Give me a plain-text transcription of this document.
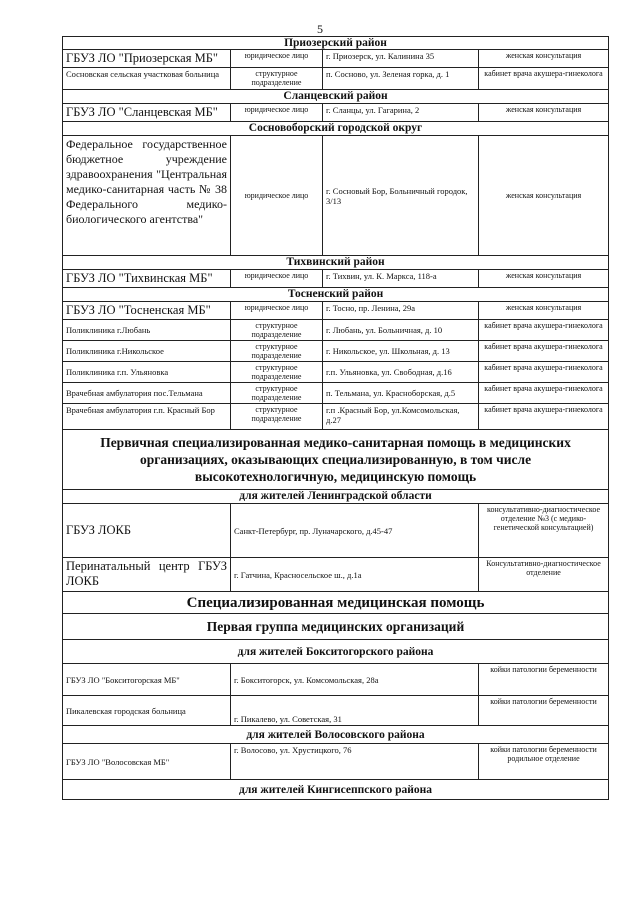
5
Приозерский район			
ГБУЗ ЛО "Приозерская МБ"	юридическое лицо	г. Приозерск, ул. Калинина 35	женская консультация
Сосновская сельская участковая больница	структурное подразделение	п. Сосново, ул. Зеленая горка, д. 1	кабинет врача акушера-гинеколога
Сланцевский район			
ГБУЗ ЛО "Сланцевская МБ"	юридическое лицо	г. Сланцы, ул. Гагарина, 2	женская консультация
Сосновоборский городской округ			
Федеральное государственное бюджетное учреждение здравоохранения "Центральная медико-санитарная часть № 38 Федерального медико-биологического агентства"	юридическое лицо	г. Сосновый Бор, Больничный городок, 3/13	женская консультация
Тихвинский район			
ГБУЗ ЛО "Тихвинская МБ"	юридическое лицо	г. Тихвин, ул. К. Маркса, 118-а	женская консультация
Тосненский район			
ГБУЗ ЛО "Тосненская МБ"	юридическое лицо	г. Тосно, пр. Ленина, 29а	женская консультация
Поликлиника г.Любань	структурное подразделение	г. Любань, ул. Больничная, д. 10	кабинет врача акушера-гинеколога
Поликлиника г.Никольское	структурное подразделение	г. Никольское, ул. Школьная, д. 13	кабинет врача акушера-гинеколога
Поликлиника г.п. Ульяновка	структурное подразделение	г.п. Ульяновка, ул. Свободная, д.16	кабинет врача акушера-гинеколога
Врачебная амбулатория пос.Тельмана	структурное подразделение	п. Тельмана, ул. Красноборская, д.5	кабинет врача акушера-гинеколога
Врачебная амбулатория г.п. Красный Бор	структурное подразделение	г.п .Красный Бор, ул.Комсомольская, д.27	кабинет врача акушера-гинеколога
Первичная специализированная медико-санитарная помощь в медицинских организациях, оказывающих специализированную, в том числе высокотехнологичную, медицинскую помощь			
для жителей Ленинградской области			
ГБУЗ ЛОКБ	Санкт-Петербург, пр. Луначарского, д.45-47		консультативно-диагностическое отделение №3 (с медико-генетической консультацией)
Перинатальный центр ГБУЗ ЛОКБ	г. Гатчина, Красносельское ш., д.1а		Консультативно-диагностическое отделение
Специализированная медицинская помощь			
Первая группа медицинских организаций			
для жителей Бокситогорского района			
ГБУЗ ЛО "Бокситогорская МБ"	г. Бокситогорск, ул. Комсомольская, 28а		койки патологии беременности
Пикалевская городская больница	г. Пикалево, ул. Советская, 31		койки патологии беременности
для жителей Волосовского района			
ГБУЗ ЛО "Волосовская МБ"	г. Волосово, ул. Хрустицкого, 76		койки патологии беременности родильное отделение
для жителей Кингисеппского района			
